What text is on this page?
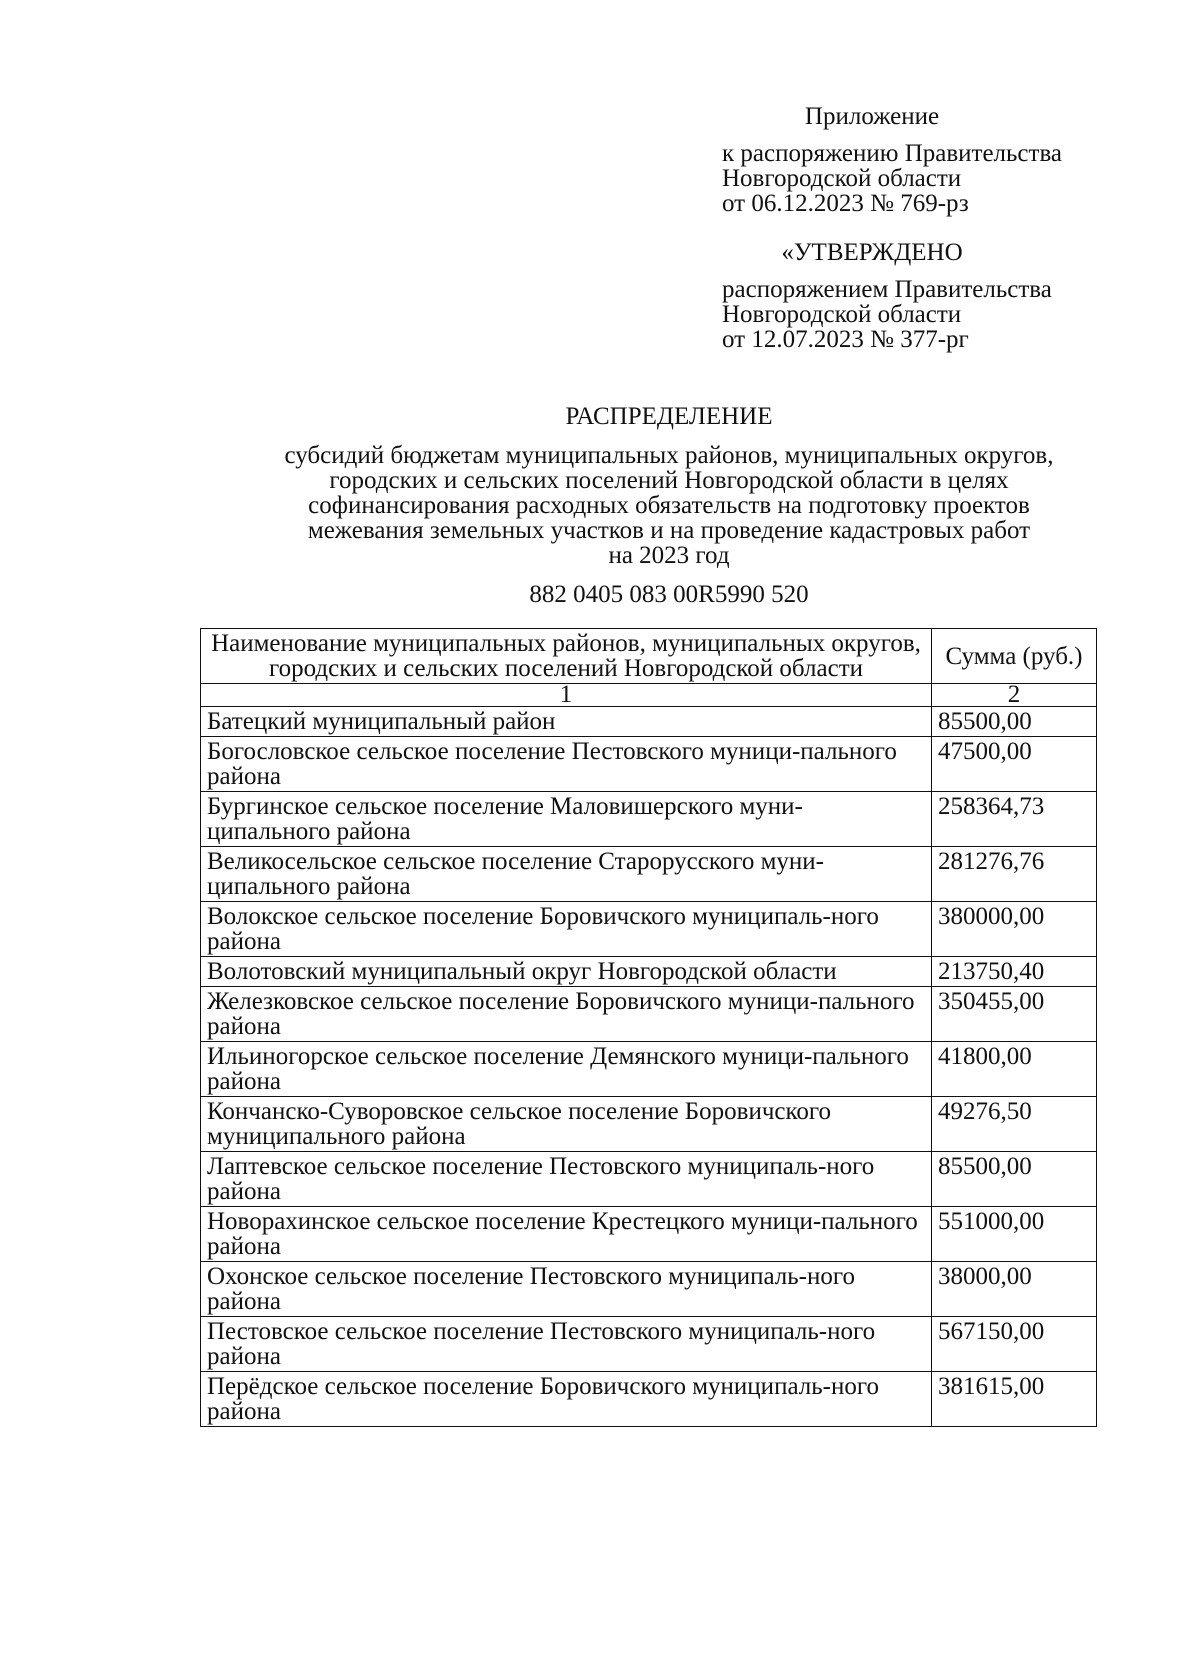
Приложение
к распоряжению Правительства
Новгородской области
от 06.12.2023 № 769-рз
«УТВЕРЖДЕНО
распоряжением Правительства
Новгородской области
от 12.07.2023 № 377-рг
РАСПРЕДЕЛЕНИЕ
субсидий бюджетам муниципальных районов, муниципальных округов,
городских и сельских поселений Новгородской области в целях
софинансирования расходных обязательств на подготовку проектов
межевания земельных участков и на проведение кадастровых работ
на 2023 год
882 0405 083 00R5990 520
Наименование муниципальных районов, муниципальных округов, городских и сельских поселений Новгородской области	Сумма (руб.)
1	2
Батецкий муниципальный район	85500,00
Богословское сельское поселение Пестовского муници-пального района	47500,00
Бургинское сельское поселение Маловишерского муни-ципального района	258364,73
Великосельское сельское поселение Старорусского муни-ципального района	281276,76
Волокское сельское поселение Боровичского муниципаль-ного района	380000,00
Волотовский муниципальный округ Новгородской области	213750,40
Железковское сельское поселение Боровичского муници-пального района	350455,00
Ильиногорское сельское поселение Демянского муници-пального района	41800,00
Кончанско-Суворовское сельское поселение Боровичского муниципального района	49276,50
Лаптевское сельское поселение Пестовского муниципаль-ного района	85500,00
Новорахинское сельское поселение Крестецкого муници-пального района	551000,00
Охонское сельское поселение Пестовского муниципаль-ного района	38000,00
Пестовское сельское поселение Пестовского муниципаль-ного района	567150,00
Перёдское сельское поселение Боровичского муниципаль-ного района	381615,00
